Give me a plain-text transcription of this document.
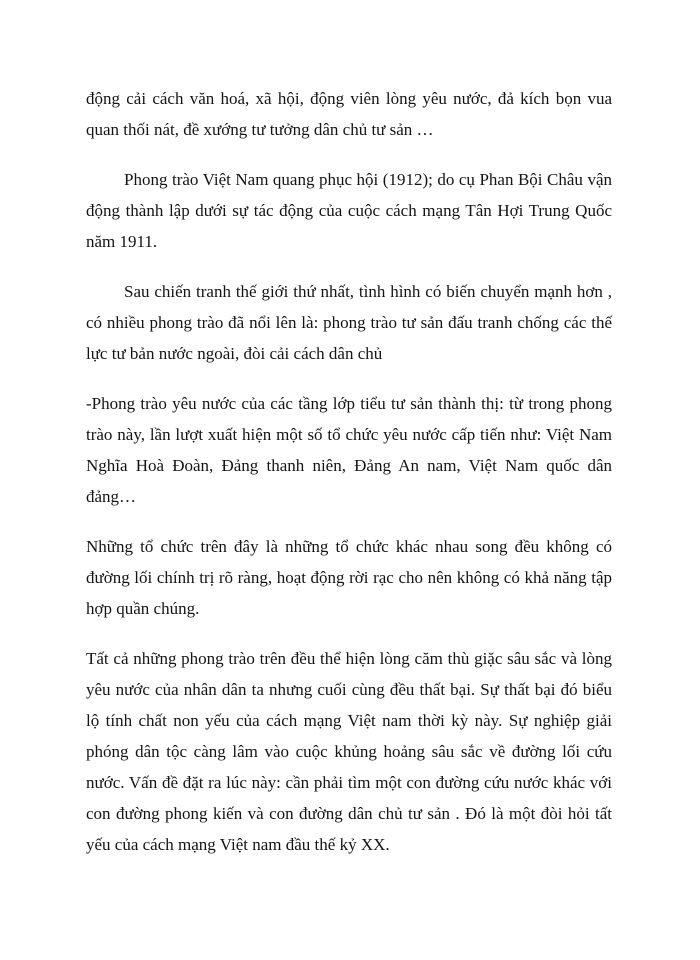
động cải cách văn hoá, xã hội, động viên lòng yêu nước, đả kích bọn vua quan thối nát, đề xướng tư tưởng dân chủ tư sản …

Phong trào Việt Nam quang phục hội (1912); do cụ Phan Bội Châu vận động thành lập dưới sự tác động của cuộc cách mạng Tân Hợi Trung Quốc năm 1911.

Sau chiến tranh thế giới thứ nhất, tình hình có biến chuyển mạnh hơn , có nhiều phong trào đã nổi lên là: phong trào tư sản đấu tranh chống các thế lực tư bản nước ngoài, đòi cải cách dân chủ

-Phong trào yêu nước của các tầng lớp tiểu tư sản thành thị: từ trong phong trào này, lần lượt xuất hiện một số tổ chức yêu nước cấp tiến như: Việt Nam Nghĩa Hoà Đoàn, Đảng thanh niên, Đảng An nam, Việt Nam quốc dân đảng…

Những tổ chức trên đây là những tổ chức khác nhau song đều không có đường lối chính trị rõ ràng, hoạt động rời rạc cho nên không có khả năng tập hợp quần chúng.

Tất cả những phong trào trên đều thể hiện lòng căm thù giặc sâu sắc và lòng yêu nước của nhân dân ta nhưng cuối cùng đều thất bại. Sự thất bại đó biểu lộ tính chất non yếu của cách mạng Việt nam thời kỳ này. Sự nghiệp giải phóng dân tộc càng lâm vào cuộc khủng hoảng sâu sắc về đường lối cứu nước. Vấn đề đặt ra lúc này: cần phải tìm một con đường cứu nước khác với con đường phong kiến và con đường dân chủ tư sản . Đó là một đòi hỏi tất yếu của cách mạng Việt nam đầu thế kỷ XX.
